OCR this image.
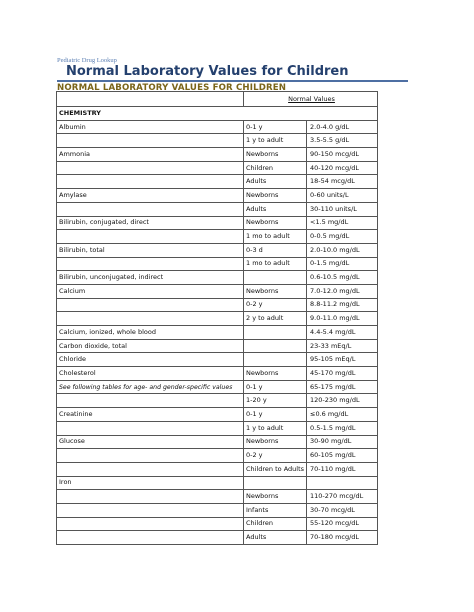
Pediatric Drug Lookup
Normal Laboratory Values for Children
NORMAL LABORATORY VALUES FOR CHILDREN
	Normal Values	
CHEMISTRY		
Albumin	0-1 y	2.0-4.0 g/dL
	1 y to adult	3.5-5.5 g/dL
Ammonia	Newborns	90-150 mcg/dL
	Children	40-120 mcg/dL
	Adults	18-54 mcg/dL
Amylase	Newborns	0-60 units/L
	Adults	30-110 units/L
Bilirubin, conjugated, direct	Newborns	<1.5 mg/dL
	1 mo to adult	0-0.5 mg/dL
Bilirubin, total	0-3 d	2.0-10.0 mg/dL
	1 mo to adult	0-1.5 mg/dL
Bilirubin, unconjugated, indirect		0.6-10.5 mg/dL
Calcium	Newborns	7.0-12.0 mg/dL
	0-2 y	8.8-11.2 mg/dL
	2 y to adult	9.0-11.0 mg/dL
Calcium, ionized, whole blood		4.4-5.4 mg/dL
Carbon dioxide, total		23-33 mEq/L
Chloride		95-105 mEq/L
Cholesterol	Newborns	45-170 mg/dL
See following tables for age- and gender-specific values	0-1 y	65-175 mg/dL
	1-20 y	120-230 mg/dL
Creatinine	0-1 y	≤0.6 mg/dL
	1 y to adult	0.5-1.5 mg/dL
Glucose	Newborns	30-90 mg/dL
	0-2 y	60-105 mg/dL
	Children to Adults	70-110 mg/dL
Iron		
	Newborns	110-270 mcg/dL
	Infants	30-70 mcg/dL
	Children	55-120 mcg/dL
	Adults	70-180 mcg/dL
